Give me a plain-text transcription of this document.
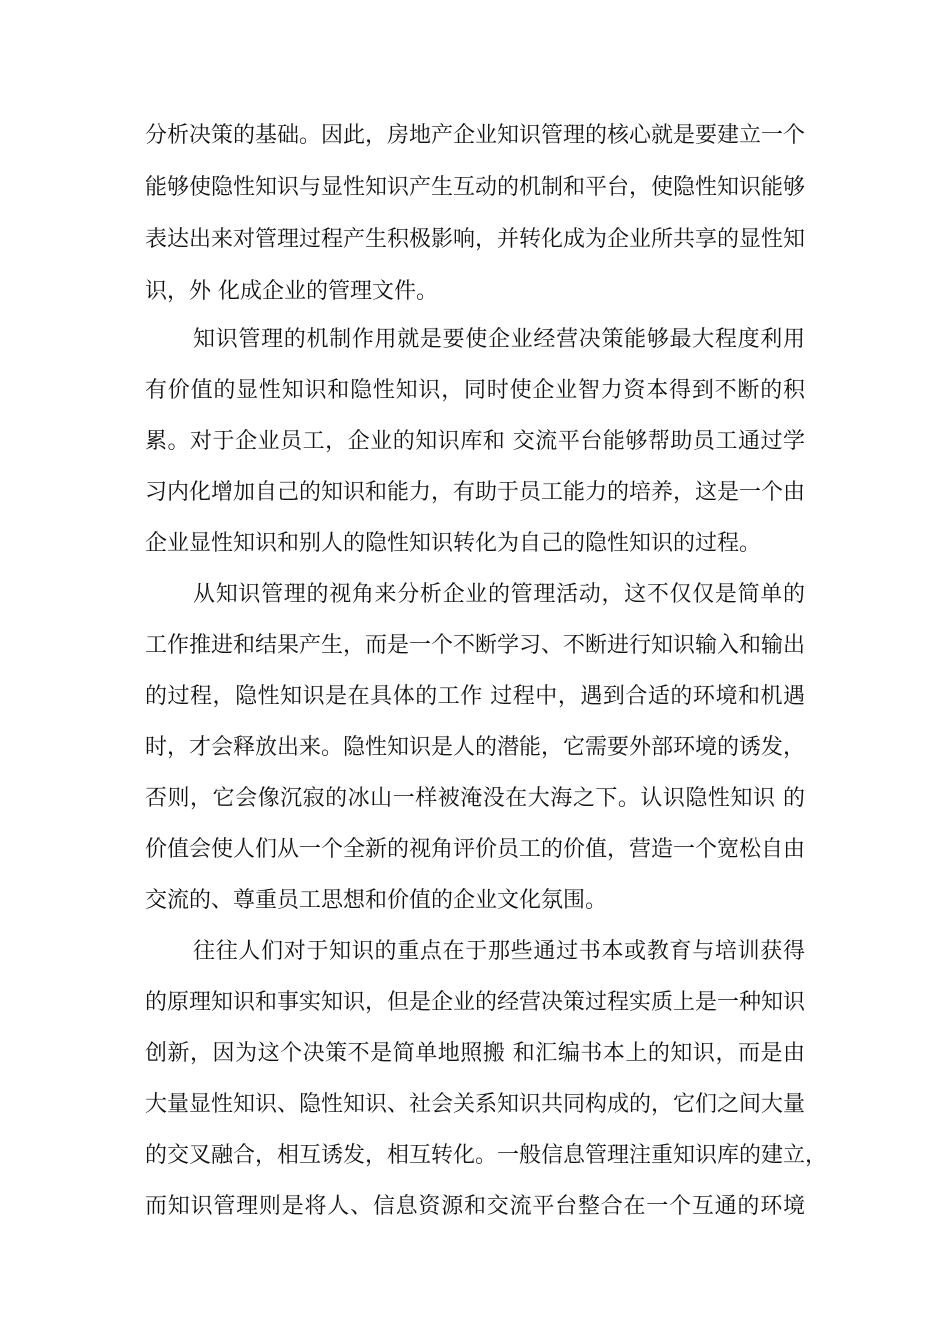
分析决策的基础。因此，房地产企业知识管理的核心就是要建立一个
能够使隐性知识与显性知识产生互动的机制和平台，使隐性知识能够
表达出来对管理过程产生积极影响，并转化成为企业所共享的显性知
识，外 化成企业的管理文件。
知识管理的机制作用就是要使企业经营决策能够最大程度利用
有价值的显性知识和隐性知识，同时使企业智力资本得到不断的积
累。对于企业员工，企业的知识库和 交流平台能够帮助员工通过学
习内化增加自己的知识和能力，有助于员工能力的培养，这是一个由
企业显性知识和别人的隐性知识转化为自己的隐性知识的过程。
从知识管理的视角来分析企业的管理活动，这不仅仅是简单的
工作推进和结果产生，而是一个不断学习、不断进行知识输入和输出
的过程，隐性知识是在具体的工作 过程中，遇到合适的环境和机遇
时，才会释放出来。隐性知识是人的潜能，它需要外部环境的诱发，
否则，它会像沉寂的冰山一样被淹没在大海之下。认识隐性知识 的
价值会使人们从一个全新的视角评价员工的价值，营造一个宽松自由
交流的、尊重员工思想和价值的企业文化氛围。
往往人们对于知识的重点在于那些通过书本或教育与培训获得
的原理知识和事实知识，但是企业的经营决策过程实质上是一种知识
创新，因为这个决策不是简单地照搬 和汇编书本上的知识，而是由
大量显性知识、隐性知识、社会关系知识共同构成的，它们之间大量
的交叉融合，相互诱发，相互转化。一般信息管理注重知识库的建立，
而知识管理则是将人、信息资源和交流平台整合在一个互通的环境
